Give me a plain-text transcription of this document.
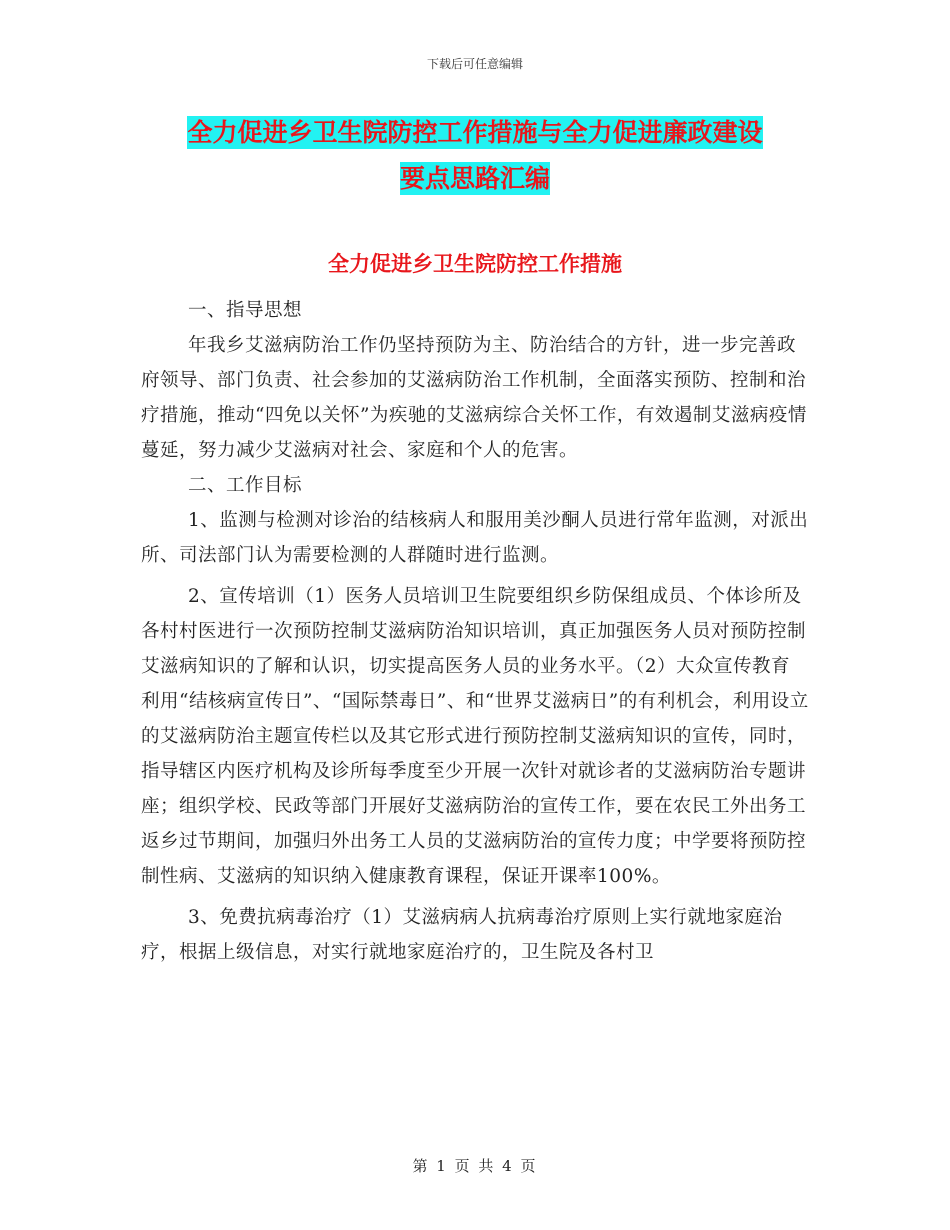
下载后可任意编辑
全力促进乡卫生院防控工作措施与全力促进廉政建设
要点思路汇编
全力促进乡卫生院防控工作措施

一、指导思想

年我乡艾滋病防治工作仍坚持预防为主、防治结合的方针，进一步完善政府领导、部门负责、社会参加的艾滋病防治工作机制，全面落实预防、控制和治疗措施，推动“四免以关怀”为疾驰的艾滋病综合关怀工作，有效遏制艾滋病疫情蔓延，努力减少艾滋病对社会、家庭和个人的危害。

二、工作目标

1、监测与检测对诊治的结核病人和服用美沙酮人员进行常年监测，对派出所、司法部门认为需要检测的人群随时进行监测。

2、宣传培训（1）医务人员培训卫生院要组织乡防保组成员、个体诊所及各村村医进行一次预防控制艾滋病防治知识培训，真正加强医务人员对预防控制艾滋病知识的了解和认识，切实提高医务人员的业务水平。（2）大众宣传教育利用“结核病宣传日”、“国际禁毒日”、和“世界艾滋病日”的有利机会，利用设立的艾滋病防治主题宣传栏以及其它形式进行预防控制艾滋病知识的宣传，同时，指导辖区内医疗机构及诊所每季度至少开展一次针对就诊者的艾滋病防治专题讲座；组织学校、民政等部门开展好艾滋病防治的宣传工作，要在农民工外出务工返乡过节期间，加强归外出务工人员的艾滋病防治的宣传力度；中学要将预防控制性病、艾滋病的知识纳入健康教育课程，保证开课率100%。

3、免费抗病毒治疗（1）艾滋病病人抗病毒治疗原则上实行就地家庭治疗，根据上级信息，对实行就地家庭治疗的，卫生院及各村卫

第 1 页 共 4 页
